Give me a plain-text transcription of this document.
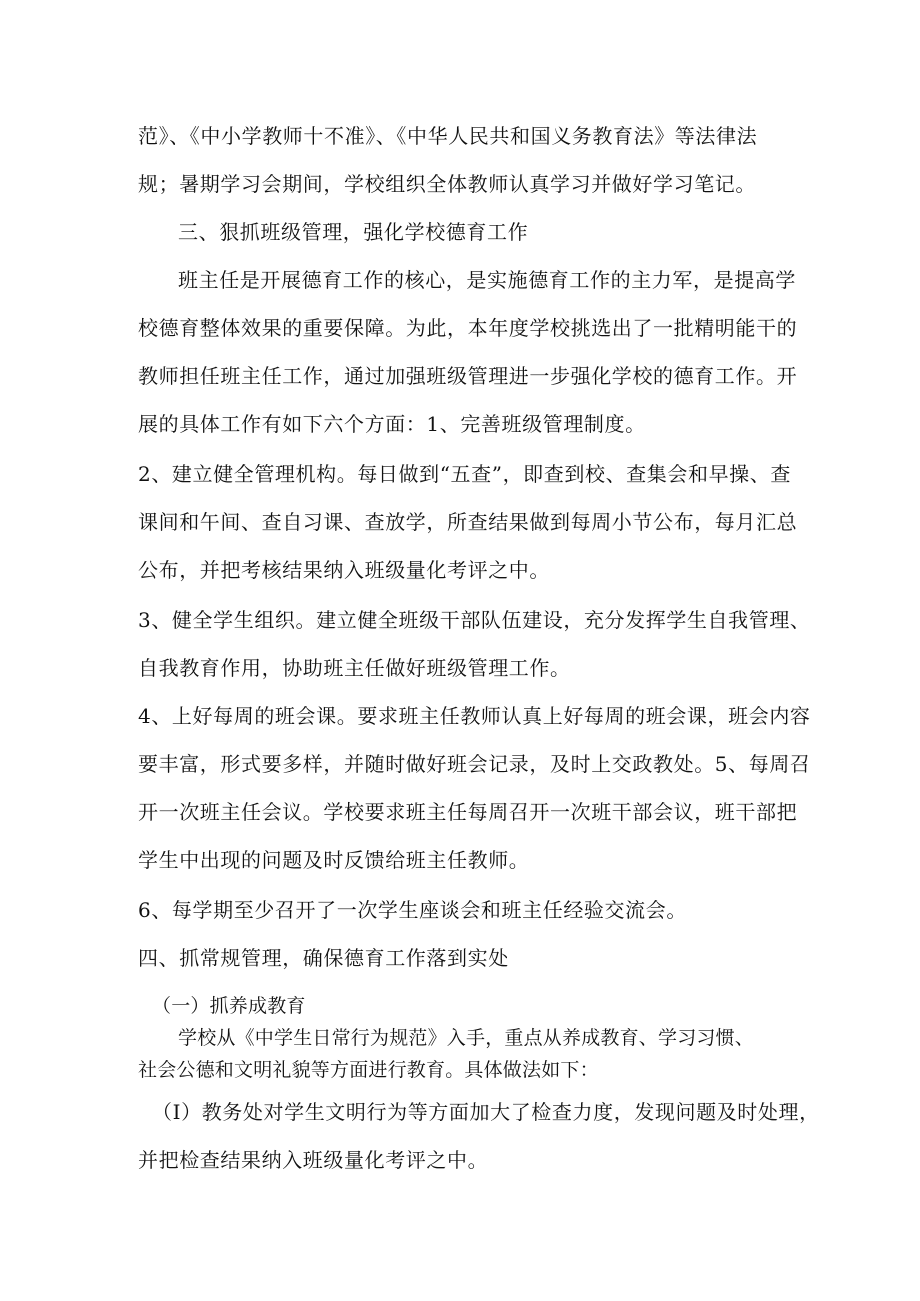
范》、《中小学教师十不准》、《中华人民共和国义务教育法》等法律法
规；暑期学习会期间，学校组织全体教师认真学习并做好学习笔记。
三、狠抓班级管理，强化学校德育工作
班主任是开展德育工作的核心，是实施德育工作的主力军，是提高学
校德育整体效果的重要保障。为此，本年度学校挑选出了一批精明能干的
教师担任班主任工作，通过加强班级管理进一步强化学校的德育工作。开
展的具体工作有如下六个方面：1、完善班级管理制度。
2、建立健全管理机构。每日做到“五查”，即查到校、查集会和早操、查
课间和午间、查自习课、查放学，所查结果做到每周小节公布，每月汇总
公布，并把考核结果纳入班级量化考评之中。
3、健全学生组织。建立健全班级干部队伍建设，充分发挥学生自我管理、
自我教育作用，协助班主任做好班级管理工作。
4、上好每周的班会课。要求班主任教师认真上好每周的班会课，班会内容
要丰富，形式要多样，并随时做好班会记录，及时上交政教处。5、每周召
开一次班主任会议。学校要求班主任每周召开一次班干部会议，班干部把
学生中出现的问题及时反馈给班主任教师。
6、每学期至少召开了一次学生座谈会和班主任经验交流会。
四、抓常规管理，确保德育工作落到实处
（一）抓养成教育
学校从《中学生日常行为规范》入手，重点从养成教育、学习习惯、
社会公德和文明礼貌等方面进行教育。具体做法如下：
（I）教务处对学生文明行为等方面加大了检查力度，发现问题及时处理，
并把检查结果纳入班级量化考评之中。
